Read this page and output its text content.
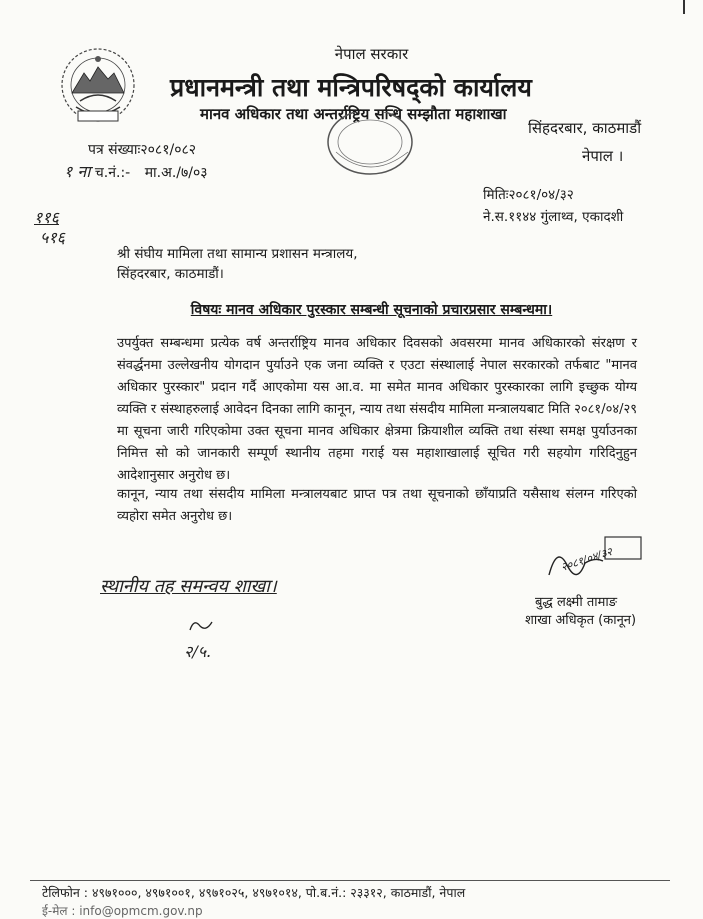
नेपाल सरकार
प्रधानमन्त्री तथा मन्त्रिपरिषद्को कार्यालय
मानव अधिकार तथा अन्तर्राष्ट्रिय सन्धि सम्झौता महाशाखा
सिंहदरबार, काठमाडौं
नेपाल ।
पत्र संख्याः२०८१/०८२
१ ना च.नं.:- मा.अ./७/०३
११६
५१६
मितिः२०८१/०४/३२
ने.स.११४४ गुंलाथ्व, एकादशी
श्री संघीय मामिला तथा सामान्य प्रशासन मन्त्रालय,
सिंहदरबार, काठमाडौं।
विषयः मानव अधिकार पुरस्कार सम्बन्धी सूचनाको प्रचारप्रसार सम्बन्धमा।
उपर्युक्त सम्बन्धमा प्रत्येक वर्ष अन्तर्राष्ट्रिय मानव अधिकार दिवसको अवसरमा मानव अधिकारको संरक्षण र संवर्द्धनमा उल्लेखनीय योगदान पुर्याउने एक जना व्यक्ति र एउटा संस्थालाई नेपाल सरकारको तर्फबाट "मानव अधिकार पुरस्कार" प्रदान गर्दै आएकोमा यस आ.व. मा समेत मानव अधिकार पुरस्कारका लागि इच्छुक योग्य व्यक्ति र संस्थाहरुलाई आवेदन दिनका लागि कानून, न्याय तथा संसदीय मामिला मन्त्रालयबाट मिति २०८१/०४/२९ मा सूचना जारी गरिएकोमा उक्त सूचना मानव अधिकार क्षेत्रमा क्रियाशील व्यक्ति तथा संस्था समक्ष पुर्याउनका निमित्त सो को जानकारी सम्पूर्ण स्थानीय तहमा गराई यस महाशाखालाई सूचित गरी सहयोग गरिदिनुहुन आदेशानुसार अनुरोध छ।
कानून, न्याय तथा संसदीय मामिला मन्त्रालयबाट प्राप्त पत्र तथा सूचनाको छाँयाप्रति यसैसाथ संलग्न गरिएको व्यहोरा समेत अनुरोध छ।
स्थानीय तह समन्वय शाखा।
२०८१/०४/३२
बुद्ध लक्ष्मी तामाङ
शाखा अधिकृत (कानून)
२/५.
टेलिफोन : ४९७१०००, ४९७१००१, ४९७१०२५, ४९७१०१४, पो.ब.नं.: २३३१२, काठमाडौं, नेपाल
ई-मेल : info@opmcm.gov.np
